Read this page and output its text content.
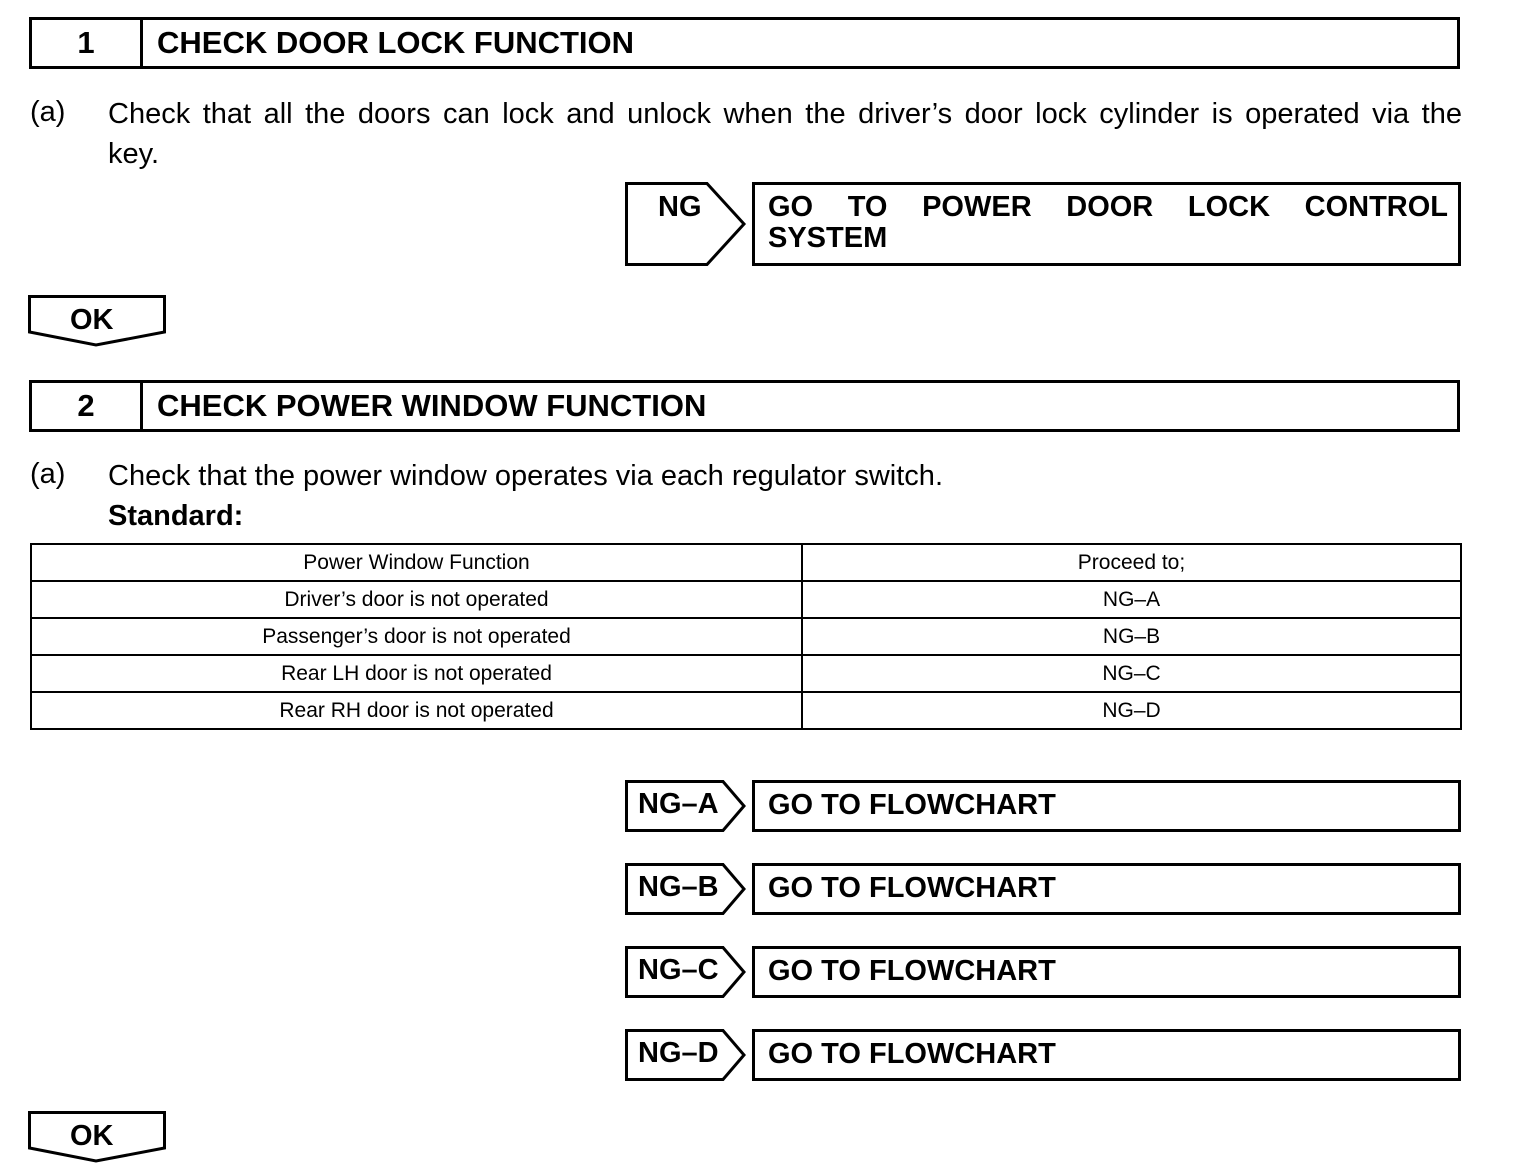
1	CHECK DOOR LOCK FUNCTION
(a) Check that all the doors can lock and unlock when the driver’s door lock cylinder is operated via the
key.
NG GO TO POWER DOOR LOCK CONTROL
SYSTEM
OK
2	CHECK POWER WINDOW FUNCTION
(a) Check that the power window operates via each regulator switch.
Standard:
Power Window Function	Proceed to;
Driver’s door is not operated	NG–A
Passenger’s door is not operated	NG–B
Rear LH door is not operated	NG–C
Rear RH door is not operated	NG–D
NG–A GO TO FLOWCHART
NG–B GO TO FLOWCHART
NG–C GO TO FLOWCHART
NG–D GO TO FLOWCHART
OK
